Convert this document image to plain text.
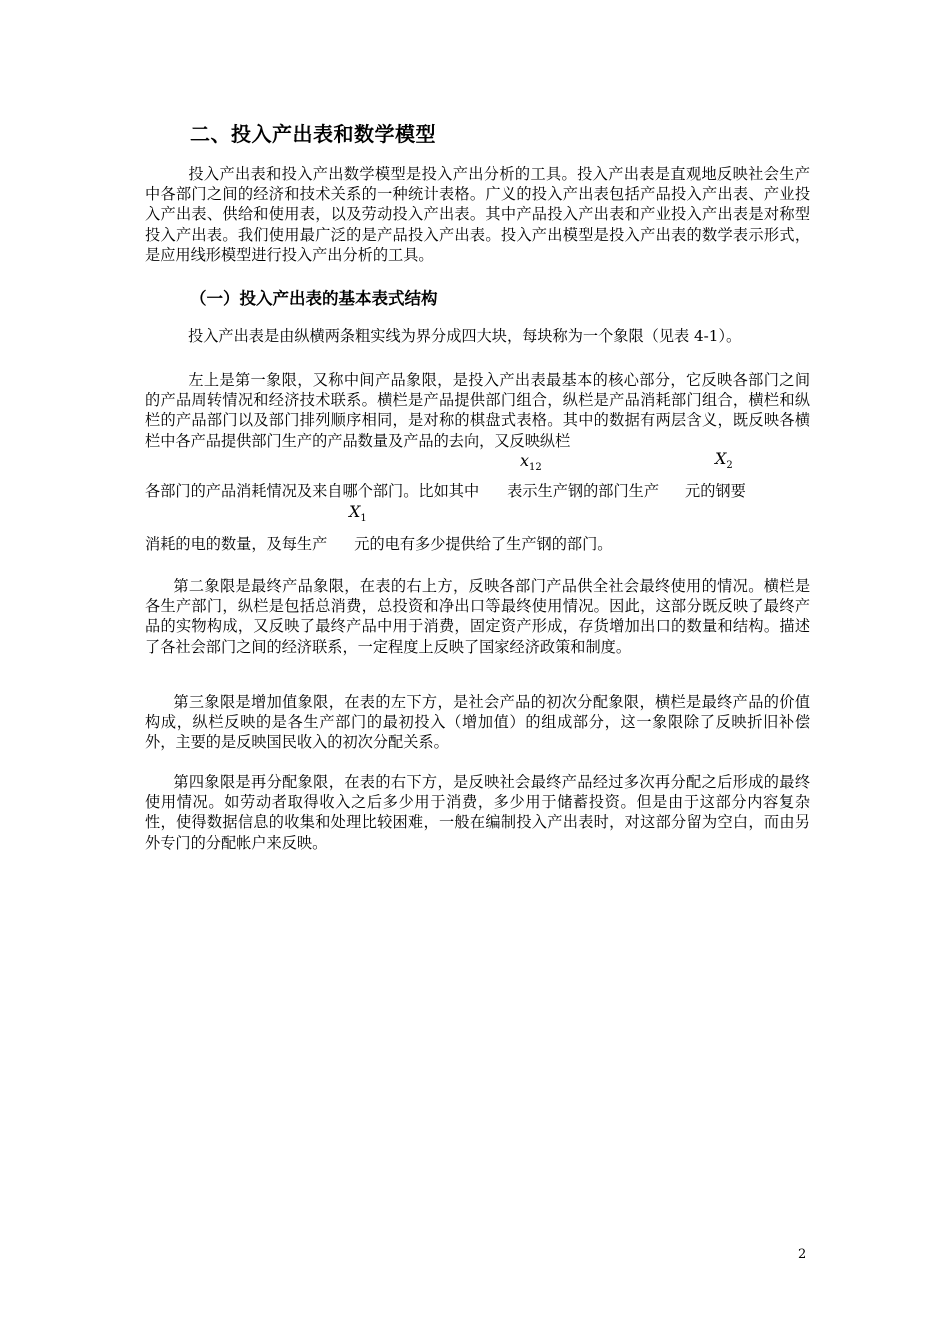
二、投入产出表和数学模型

投入产出表和投入产出数学模型是投入产出分析的工具。投入产出表是直观地反映社会生产中各部门之间的经济和技术关系的一种统计表格。广义的投入产出表包括产品投入产出表、产业投入产出表、供给和使用表，以及劳动投入产出表。其中产品投入产出表和产业投入产出表是对称型投入产出表。我们使用最广泛的是产品投入产出表。投入产出模型是投入产出表的数学表示形式，是应用线形模型进行投入产出分析的工具。

（一）投入产出表的基本表式结构

投入产出表是由纵横两条粗实线为界分成四大块，每块称为一个象限（见表 4-1）。

左上是第一象限，又称中间产品象限，是投入产出表最基本的核心部分，它反映各部门之间的产品周转情况和经济技术联系。横栏是产品提供部门组合，纵栏是产品消耗部门组合，横栏和纵栏的产品部门以及部门排列顺序相同，是对称的棋盘式表格。其中的数据有两层含义，既反映各横栏中各产品提供部门生产的产品数量及产品的去向，又反映纵栏

$x_{12}$	$X_2$
$X_1$

各部门的产品消耗情况及来自哪个部门。比如其中 表示生产钢的部门生产 元的钢要

消耗的电的数量，及每生产 元的电有多少提供给了生产钢的部门。

第二象限是最终产品象限，在表的右上方，反映各部门产品供全社会最终使用的情况。横栏是各生产部门，纵栏是包括总消费，总投资和净出口等最终使用情况。因此，这部分既反映了最终产品的实物构成，又反映了最终产品中用于消费，固定资产形成，存货增加出口的数量和结构。描述了各社会部门之间的经济联系，一定程度上反映了国家经济政策和制度。

第三象限是增加值象限，在表的左下方，是社会产品的初次分配象限，横栏是最终产品的价值构成，纵栏反映的是各生产部门的最初投入（增加值）的组成部分，这一象限除了反映折旧补偿外，主要的是反映国民收入的初次分配关系。

第四象限是再分配象限，在表的右下方，是反映社会最终产品经过多次再分配之后形成的最终使用情况。如劳动者取得收入之后多少用于消费，多少用于储蓄投资。但是由于这部分内容复杂性，使得数据信息的收集和处理比较困难，一般在编制投入产出表时，对这部分留为空白，而由另外专门的分配帐户来反映。

2
